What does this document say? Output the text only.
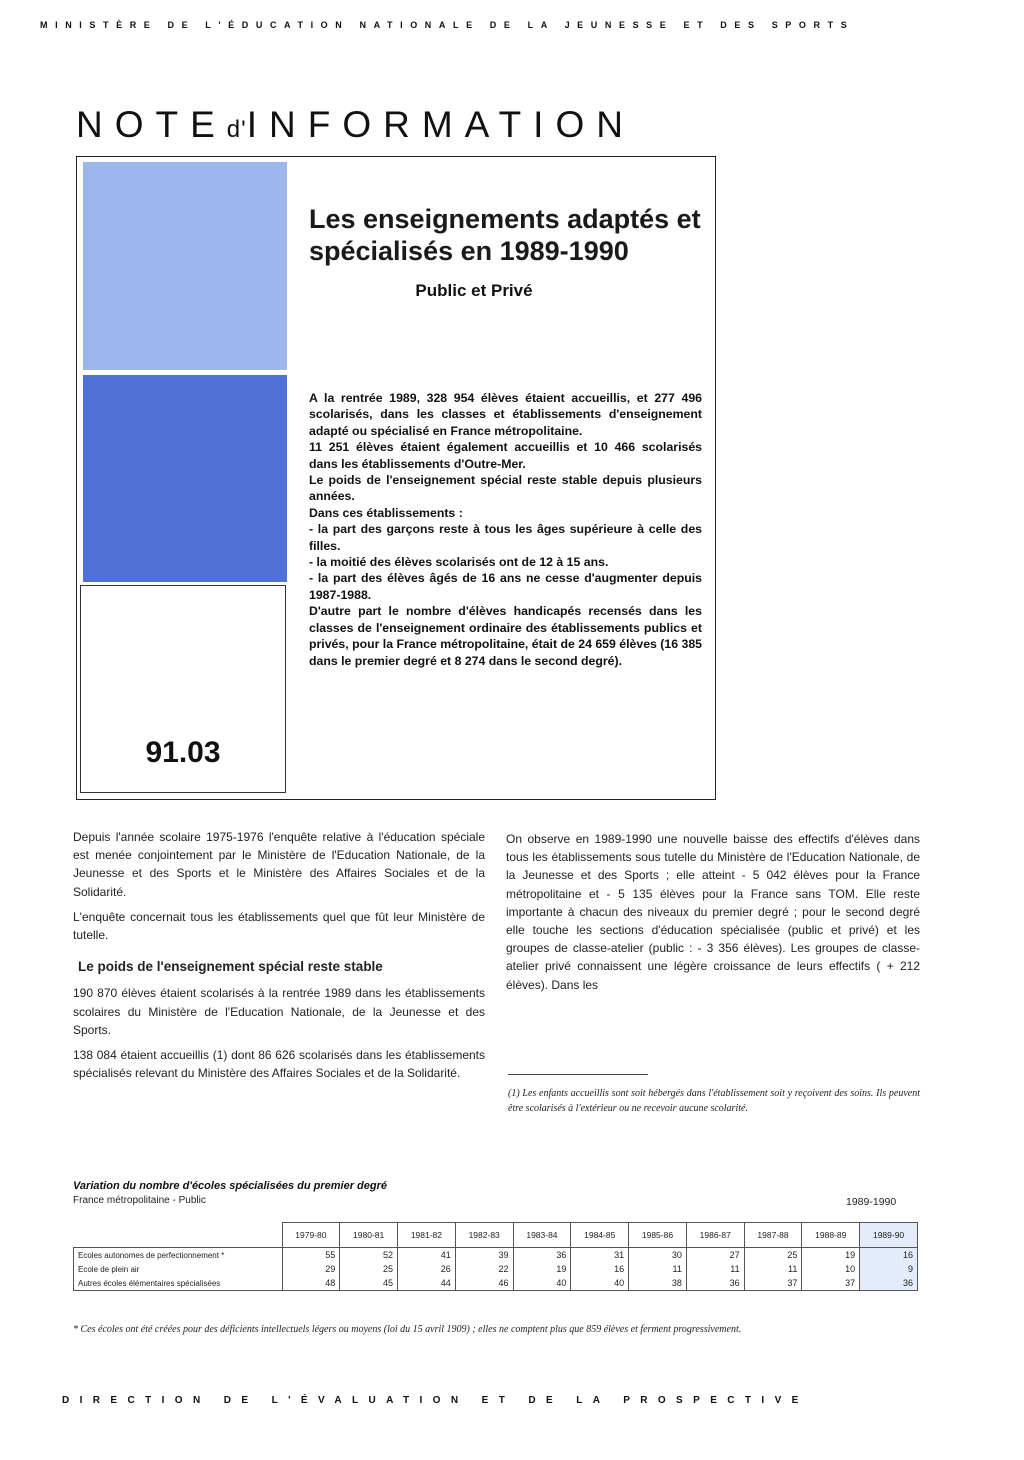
MINISTÈRE DE L'ÉDUCATION NATIONALE DE LA JEUNESSE ET DES SPORTS
NOTEd'INFORMATION
91.03
Les enseignements adaptés et spécialisés en 1989-1990
Public et Privé

A la rentrée 1989, 328 954 élèves étaient accueillis, et 277 496 scolarisés, dans les classes et établissements d'enseignement adapté ou spécialisé en France métropolitaine.

11 251 élèves étaient également accueillis et 10 466 scolarisés dans les établissements d'Outre-Mer.

Le poids de l'enseignement spécial reste stable depuis plusieurs années.

Dans ces établissements :

- la part des garçons reste à tous les âges supérieure à celle des filles.

- la moitié des élèves scolarisés ont de 12 à 15 ans.

- la part des élèves âgés de 16 ans ne cesse d'augmenter depuis 1987-1988.

D'autre part le nombre d'élèves handicapés recensés dans les classes de l'enseignement ordinaire des établissements publics et privés, pour la France métropolitaine, était de 24 659 élèves (16 385 dans le premier degré et 8 274 dans le second degré).

Depuis l'année scolaire 1975-1976 l'enquête relative à l'éducation spéciale est menée conjointement par le Ministère de l'Education Nationale, de la Jeunesse et des Sports et le Ministère des Affaires Sociales et de la Solidarité.

L'enquête concernait tous les établissements quel que fût leur Ministère de tutelle.

Le poids de l'enseignement spécial reste stable

190 870 élèves étaient scolarisés à la rentrée 1989 dans les établissements scolaires du Ministère de l'Education Nationale, de la Jeunesse et des Sports.

138 084 étaient accueillis (1) dont 86 626 scolarisés dans les établissements spécialisés relevant du Ministère des Affaires Sociales et de la Solidarité.

On observe en 1989-1990 une nouvelle baisse des effectifs d'élèves dans tous les établissements sous tutelle du Ministère de l'Education Nationale, de la Jeunesse et des Sports ; elle atteint - 5 042 élèves pour la France métropolitaine et - 5 135 élèves pour la France sans TOM. Elle reste importante à chacun des niveaux du premier degré ; pour le second degré elle touche les sections d'éducation spécialisée (public et privé) et les groupes de classe-atelier (public : - 3 356 élèves). Les groupes de classe-atelier privé connaissent une légère croissance de leurs effectifs ( + 212 élèves). Dans les

(1) Les enfants accueillis sont soit hébergés dans l'établissement soit y reçoivent des soins. Ils peuvent être scolarisés à l'extérieur ou ne recevoir aucune scolarité.
Variation du nombre d'écoles spécialisées du premier degré
France métropolitaine - Public	1989-1990
	1979-80	1980-81	1981-82	1982-83	1983-84	1984-85	1985-86	1986-87	1987-88	1988-89	1989-90
Ecoles autonomes de perfectionnement *	55	52	41	39	36	31	30	27	25	19	16
Ecole de plein air	29	25	26	22	19	16	11	11	11	10	9
Autres écoles élémentaires spécialisées	48	45	44	46	40	40	38	36	37	37	36
* Ces écoles ont été créées pour des déficients intellectuels légers ou moyens (loi du 15 avril 1909) ; elles ne comptent plus que 859 élèves et ferment progressivement.
DIRECTION DE L'ÉVALUATION ET DE LA PROSPECTIVE
